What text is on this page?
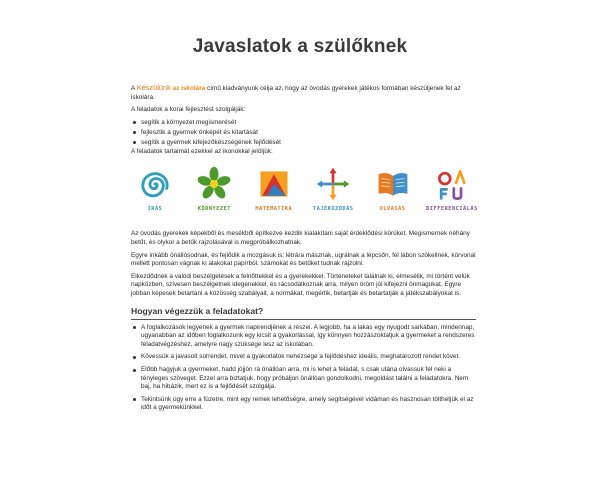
Javaslatok a szülőknek

A Készülünk az iskolára című kiadványunk célja az, hogy az óvodás gyerekek játékos formában készüljenek fel az iskolára.

A feladatok a korai fejlesztést szolgálják:

segítik a környezet megismerését
fejlesztik a gyermek önképét és kitartását
segítik a gyermek kifejezőkészségének fejlődését

A feladatok tartalmát ezekkel az ikonokkal jelöljük:

ÍRÁS	KÖRNYEZET	MATEMATIKA	TÁJÉKOZÓDÁS	OLVASÁS	DIFFERENCIÁLÁS

Az óvodás gyerekek képekből és mesékből építkezve kezdik kialakítani saját érdeklődési körüket. Megismernek néhány betűt, és olykor a betűk rajzolásával is megpróbálkozhatnak.

Egyre inkább önállósodnak, és fejlődik a mozgásuk is: létrára másznak, ugrálnak a lépcsőn, fél lábon szökellnek, körvonal mellett pontosan vágnak ki alakokat papírból, számokat és betűket tudnak rajzolni.

Elkezdődnek a valódi beszélgetések a felnőttekkel és a gyerekekkel. Történeteket találnak ki, elmesélik, mi történt velük napközben, szívesen beszélgetnek idegenekkel, és rácsodálkoznak arra, milyen öröm jól kifejezni önmagukat. Egyre jobban képesek betartani a közösség szabályait, a normákat, megértik, betartják és betartatják a játékszabályokat is.

Hogyan végezzük a feladatokat?
A foglalkozások legyenek a gyermek napirendjének a részei. A legjobb, ha a lakás egy nyugodt sarkában, mindennap, ugyanabban az időben foglalkozunk egy kicsit a gyakorlással, így könnyen hozzászoktatjuk a gyermeket a rendszeres feladatvégzéshez, amelyre nagy szüksége lesz az iskolában.
Kövessük a javasolt sorrendet, mivel a gyakorlatok nehézsége a fejlődéshez ideális, meghatározott rendet követ.
Előbb hagyjuk a gyermeket, hadd jöjjön rá önállóan arra, mi is lehet a feladat, s csak utána olvassuk fel neki a tényleges szöveget. Ezzel arra biztatjuk, hogy próbáljon önállóan gondolkodni, megoldást találni a feladatokra. Nem baj, ha hibázik, mert ez is a fejlődését szolgálja.
Tekintsünk úgy erre a füzetre, mint egy remek lehetőségre, amely segítségével vidáman és hasznosan tölthetjük el az időt a gyermekünkkel.
